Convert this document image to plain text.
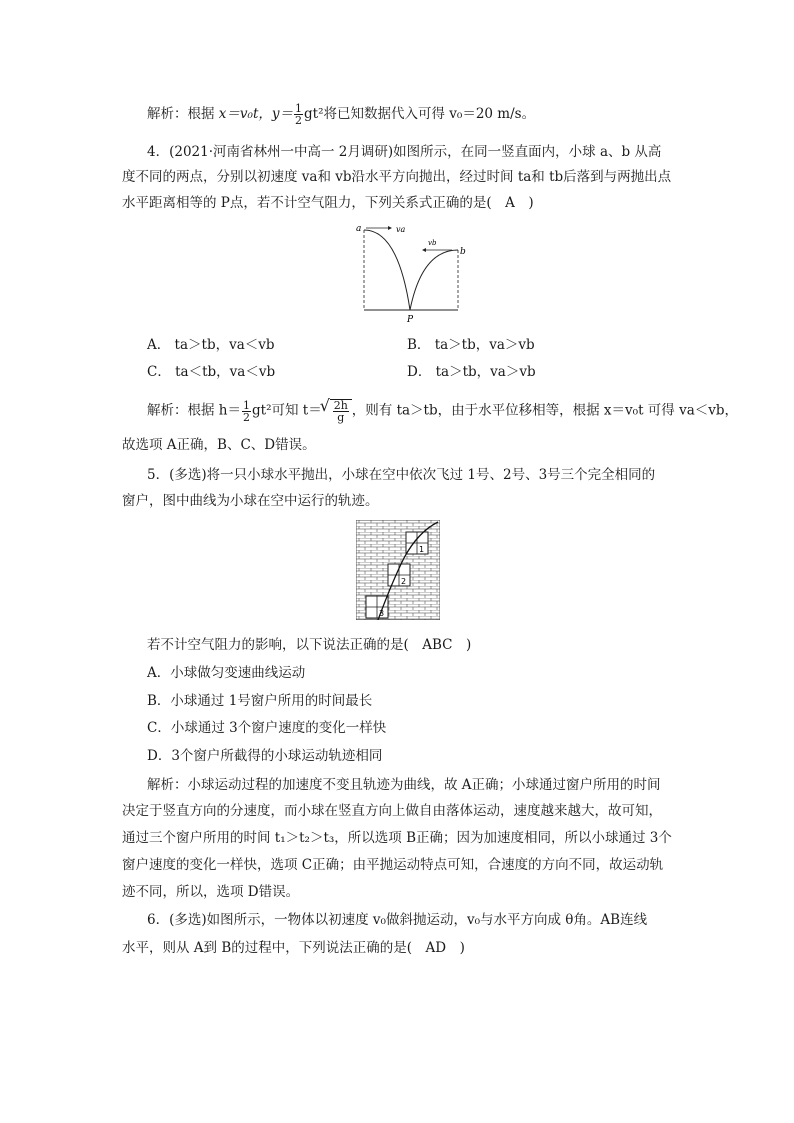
解析：根据 x＝v₀t，$y= \frac{1}{2} gt^2$将已知数据代入可得 v₀＝20 m/s。
4．(2021·河南省林州一中高一 2月调研)如图所示，在同一竖直面内，小球 a、b 从高
度不同的两点，分别以初速度 va和 vb沿水平方向抛出，经过时间 ta和 tb后落到与两抛出点
水平距离相等的 P点，若不计空气阻力，下列关系式正确的是(　A　)
a
b
va
vb
P
A． ta＞tb，va＜vb	B． ta＞tb，va＞vb
C． ta＜tb，va＜vb	D． ta＞tb，va＞vb
解析：根据 $h= \frac{1}{2} gt^2$可知 t＝
√ $\frac{2h}{g}$ ，则有 ta＞tb，由于水平位移相等，根据 x＝v₀t 可得 va＜vb，
故选项 A正确，B、C、D错误。
5．(多选)将一只小球水平抛出，小球在空中依次飞过 1号、2号、3号三个完全相同的
窗户，图中曲线为小球在空中运行的轨迹。
1
2
3
若不计空气阻力的影响，以下说法正确的是(　ABC　)
A．小球做匀变速曲线运动
B．小球通过 1号窗户所用的时间最长
C．小球通过 3个窗户速度的变化一样快
D．3个窗户所截得的小球运动轨迹相同
解析：小球运动过程的加速度不变且轨迹为曲线，故 A正确；小球通过窗户所用的时间
决定于竖直方向的分速度，而小球在竖直方向上做自由落体运动，速度越来越大，故可知，
通过三个窗户所用的时间 t₁＞t₂＞t₃，所以选项 B正确；因为加速度相同，所以小球通过 3个
窗户速度的变化一样快，选项 C正确；由平抛运动特点可知，合速度的方向不同，故运动轨
迹不同，所以，选项 D错误。
6．(多选)如图所示，一物体以初速度 v₀做斜抛运动，v₀与水平方向成 θ角。AB连线
水平，则从 A到 B的过程中，下列说法正确的是(　AD　)
